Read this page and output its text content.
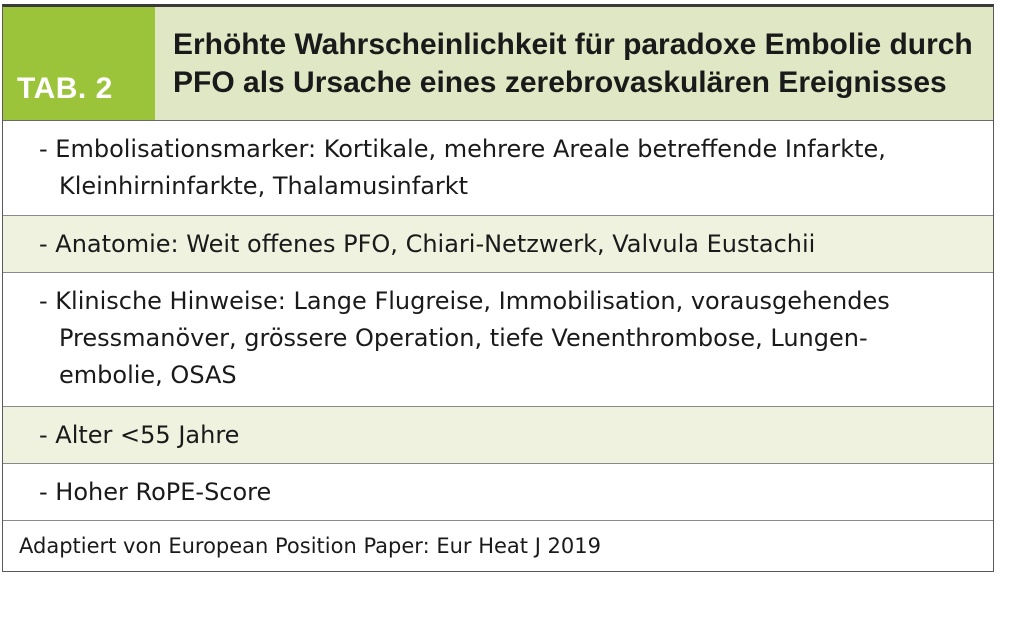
TAB. 2
Erhöhte Wahrscheinlichkeit für paradoxe Embolie durch PFO als Ursache eines zerebrovaskulären Ereignisses
- Embolisationsmarker: Kortikale, mehrere Areale betreffende Infarkte,
Kleinhirninfarkte, Thalamusinfarkt
- Anatomie: Weit offenes PFO, Chiari-Netzwerk, Valvula Eustachii
- Klinische Hinweise: Lange Flugreise, Immobilisation, vorausgehendes
Pressmanöver, grössere Operation, tiefe Venenthrombose, Lungen-
embolie, OSAS
- Alter <55 Jahre
- Hoher RoPE-Score
Adaptiert von European Position Paper: Eur Heat J 2019
